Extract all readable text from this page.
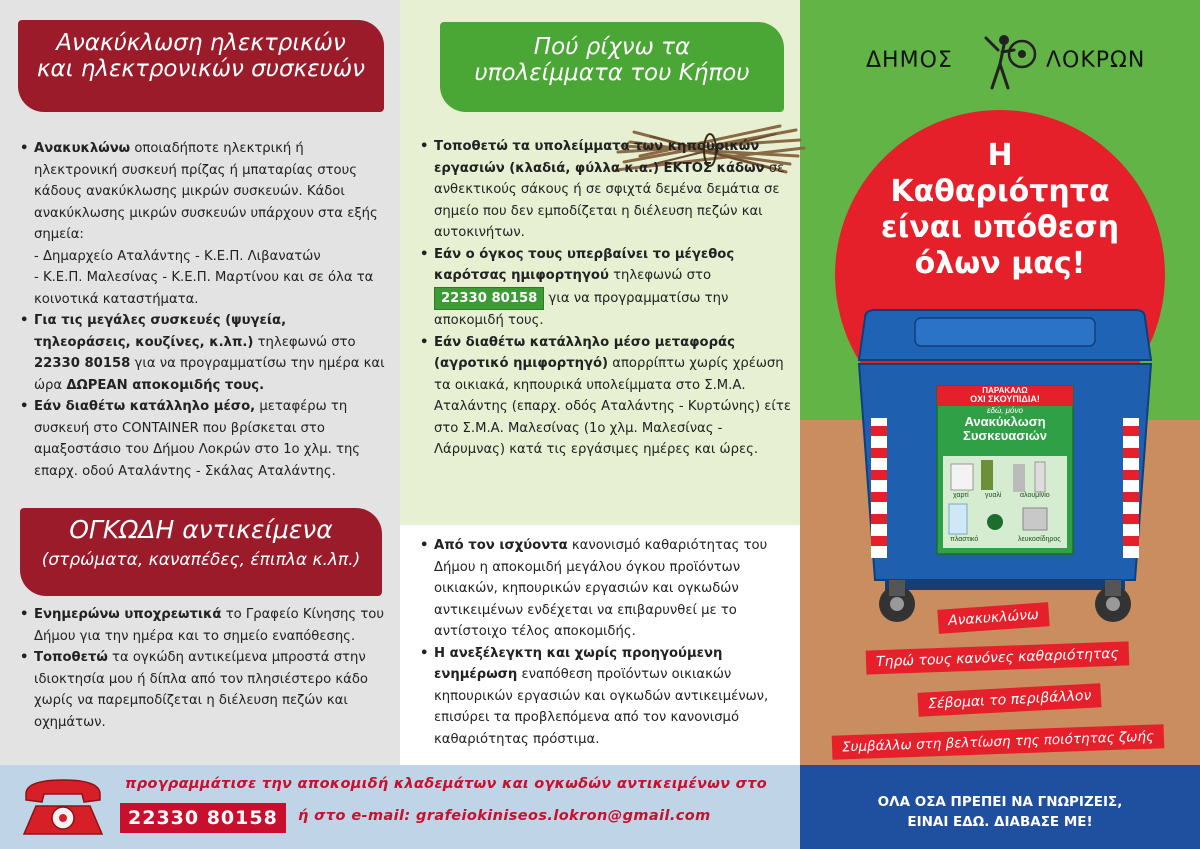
Ανακύκλωση ηλεκτρικών
και ηλεκτρονικών συσκευών
• Ανακυκλώνω οποιαδήποτε ηλεκτρική ή ηλεκτρονική συσκευή πρίζας ή μπαταρίας στους κάδους ανακύκλωσης μικρών συσκευών. Κάδοι ανακύκλωσης μικρών συσκευών υπάρχουν στα εξής σημεία:
- Δημαρχείο Αταλάντης - Κ.Ε.Π. Λιβανατών
- Κ.Ε.Π. Μαλεσίνας - Κ.Ε.Π. Μαρτίνου και σε όλα τα κοινοτικά καταστήματα.
• Για τις μεγάλες συσκευές (ψυγεία, τηλεοράσεις, κουζίνες, κ.λπ.) τηλεφωνώ στο 22330 80158 για να προγραμματίσω την ημέρα και ώρα ΔΩΡΕΑΝ αποκομιδής τους.
• Εάν διαθέτω κατάλληλο μέσο, μεταφέρω τη συσκευή στο CONTAINER που βρίσκεται στο αμαξοστάσιο του Δήμου Λοκρών στο 1ο χλμ. της επαρχ. οδού Αταλάντης - Σκάλας Αταλάντης.
ΟΓΚΩΔΗ αντικείμενα
(στρώματα, καναπέδες, έπιπλα κ.λπ.)
• Ενημερώνω υποχρεωτικά το Γραφείο Κίνησης του Δήμου για την ημέρα και το σημείο εναπόθεσης.
• Τοποθετώ τα ογκώδη αντικείμενα μπροστά στην ιδιοκτησία μου ή δίπλα από τον πλησιέστερο κάδο χωρίς να παρεμποδίζεται η διέλευση πεζών και οχημάτων.
Πού ρίχνω τα
υπολείμματα του Κήπου
• Τοποθετώ τα υπολείμματα των κηπουρικών εργασιών (κλαδιά, φύλλα κ.α.) ΕΚΤΟΣ κάδων σε ανθεκτικούς σάκους ή σε σφιχτά δεμένα δεμάτια σε σημείο που δεν εμποδίζεται η διέλευση πεζών και αυτοκινήτων.
• Εάν ο όγκος τους υπερβαίνει το μέγεθος καρότσας ημιφορτηγού τηλεφωνώ στο 22330 80158 για να προγραμματίσω την αποκομιδή τους.
• Εάν διαθέτω κατάλληλο μέσο μεταφοράς (αγροτικό ημιφορτηγό) απορρίπτω χωρίς χρέωση τα οικιακά, κηπουρικά υπολείμματα στο Σ.Μ.Α. Αταλάντης (επαρχ. οδός Αταλάντης - Κυρτώνης) είτε στο Σ.Μ.Α. Μαλεσίνας (1ο χλμ. Μαλεσίνας - Λάρυμνας) κατά τις εργάσιμες ημέρες και ώρες.
• Από τον ισχύοντα κανονισμό καθαριότητας του Δήμου η αποκομιδή μεγάλου όγκου προϊόντων οικιακών, κηπουρικών εργασιών και ογκωδών αντικειμένων ενδέχεται να επιβαρυνθεί με το αντίστοιχο τέλος αποκομιδής.
• Η ανεξέλεγκτη και χωρίς προηγούμενη ενημέρωση εναπόθεση προϊόντων οικιακών κηπουρικών εργασιών και ογκωδών αντικειμένων, επισύρει τα προβλεπόμενα από τον κανονισμό καθαριότητας πρόστιμα.
ΔΗΜΟΣ	ΛΟΚΡΩΝ
Η
Καθαριότητα
είναι υπόθεση
όλων μας!
ΠΑΡΑΚΑΛΩ
ΟΧΙ ΣΚΟΥΠΙΔΙΑ!
εδώ, μόνο
Ανακύκλωση
Συσκευασιών
χαρτί γυαλί	αλουμίνιο
πλαστικό	λευκοσίδηρος
Ανακυκλώνω
Τηρώ τους κανόνες καθαριότητας
Σέβομαι το περιβάλλον
Συμβάλλω στη βελτίωση της ποιότητας ζωής
προγραμμάτισε την αποκομιδή κλαδεμάτων και ογκωδών αντικειμένων στο
22330 80158	ή στο e-mail: grafeiokiniseos.lokron@gmail.com
ΟΛΑ ΟΣΑ ΠΡΕΠΕΙ ΝΑ ΓΝΩΡΙΖΕΙΣ,
ΕΙΝΑΙ ΕΔΩ. ΔΙΑΒΑΣΕ ΜΕ!
